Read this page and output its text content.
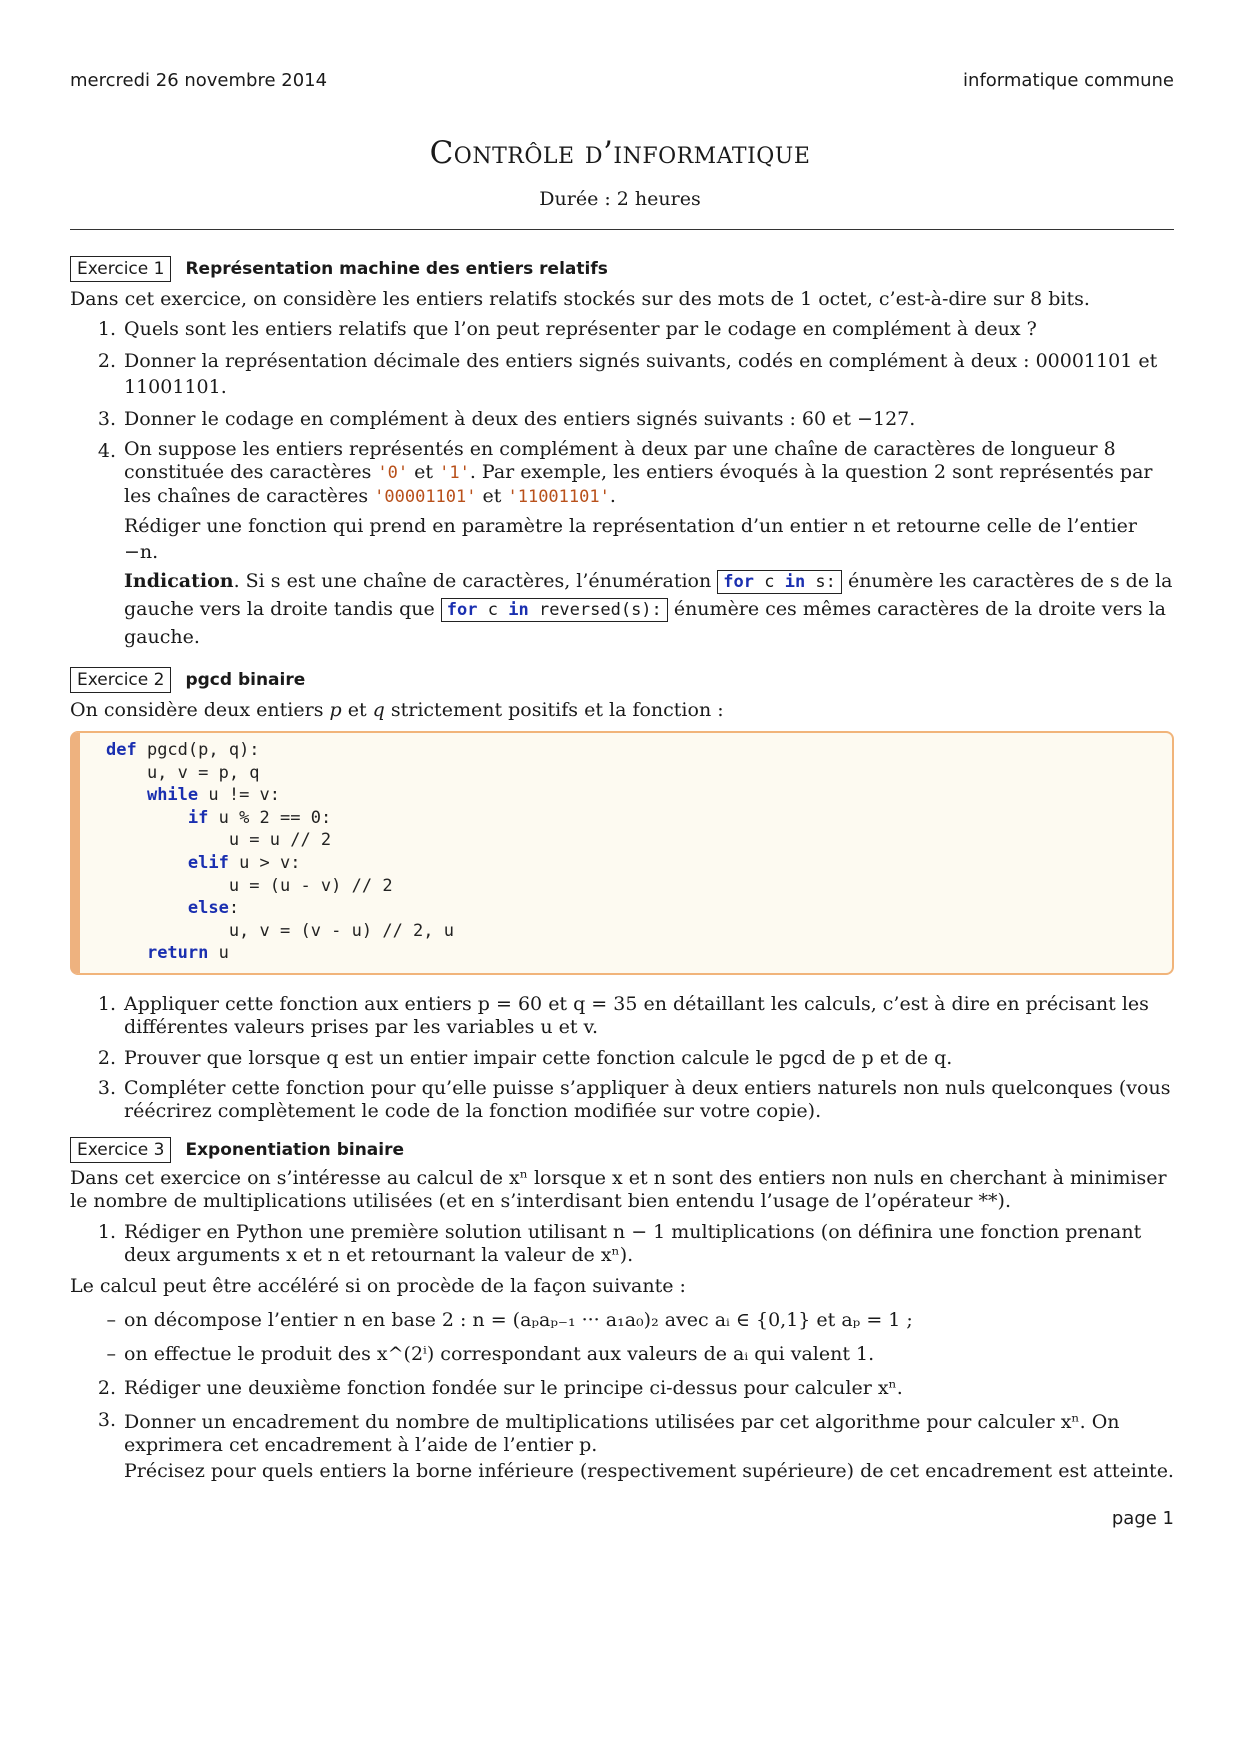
mercredi 26 novembre 2014	informatique commune
Contrôle d’informatique
Durée : 2 heures
Exercice 1	Représentation machine des entiers relatifs

Dans cet exercice, on considère les entiers relatifs stockés sur des mots de 1 octet, c’est-à-dire sur 8 bits.

1. Quels sont les entiers relatifs que l’on peut représenter par le codage en complément à deux ?
2. Donner la représentation décimale des entiers signés suivants, codés en complément à deux : 00001101 et 11001101.
3. Donner le codage en complément à deux des entiers signés suivants : 60 et −127.
4. On suppose les entiers représentés en complément à deux par une chaîne de caractères de longueur 8 constituée des caractères '0' et '1'. Par exemple, les entiers évoqués à la question 2 sont représentés par les chaînes de caractères '00001101' et '11001101'.

Rédiger une fonction qui prend en paramètre la représentation d’un entier n et retourne celle de l’entier −n.

Indication. Si s est une chaîne de caractères, l’énumération for c in s: énumère les caractères de s de la gauche vers la droite tandis que for c in reversed(s): énumère ces mêmes caractères de la droite vers la gauche.

Exercice 2	pgcd binaire

On considère deux entiers p et q strictement positifs et la fonction :

def pgcd(p, q):
u, v = p, q
while u != v:
if u % 2 == 0:
u = u // 2
elif u > v:
u = (u - v) // 2
else:
u, v = (v - u) // 2, u
return u
1. Appliquer cette fonction aux entiers p = 60 et q = 35 en détaillant les calculs, c’est à dire en précisant les différentes valeurs prises par les variables u et v.
2. Prouver que lorsque q est un entier impair cette fonction calcule le pgcd de p et de q.
3. Compléter cette fonction pour qu’elle puisse s’appliquer à deux entiers naturels non nuls quelconques (vous réécrirez complètement le code de la fonction modifiée sur votre copie).
Exercice 3	Exponentiation binaire

Dans cet exercice on s’intéresse au calcul de xⁿ lorsque x et n sont des entiers non nuls en cherchant à minimiser le nombre de multiplications utilisées (et en s’interdisant bien entendu l’usage de l’opérateur **).

1. Rédiger en Python une première solution utilisant n − 1 multiplications (on définira une fonction prenant deux arguments x et n et retournant la valeur de xⁿ).

Le calcul peut être accéléré si on procède de la façon suivante :

– on décompose l’entier n en base 2 : n = (aₚaₚ₋₁ ··· a₁a₀)₂ avec aᵢ ∈ {0,1} et aₚ = 1 ;
– on effectue le produit des x^(2ⁱ) correspondant aux valeurs de aᵢ qui valent 1.
2. Rédiger une deuxième fonction fondée sur le principe ci-dessus pour calculer xⁿ.
3. Donner un encadrement du nombre de multiplications utilisées par cet algorithme pour calculer xⁿ. On exprimera cet encadrement à l’aide de l’entier p.

Précisez pour quels entiers la borne inférieure (respectivement supérieure) de cet encadrement est atteinte.

page 1
